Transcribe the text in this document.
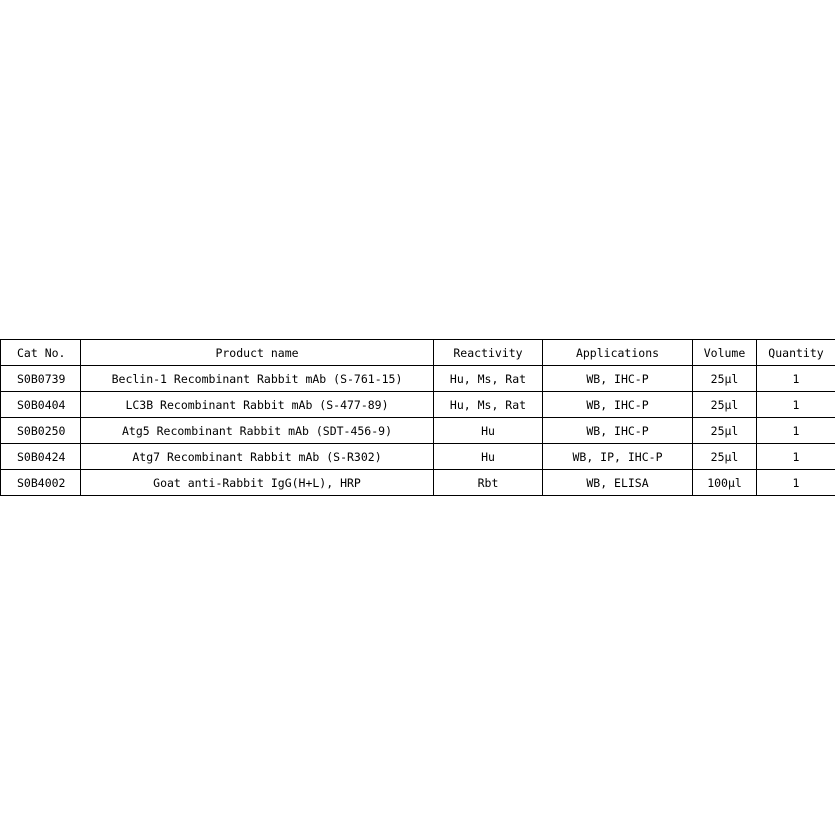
Cat No.	Product name	Reactivity	Applications	Volume	Quantity
S0B0739	Beclin-1 Recombinant Rabbit mAb (S-761-15)	Hu, Ms, Rat	WB, IHC-P	25μl	1
S0B0404	LC3B Recombinant Rabbit mAb (S-477-89)	Hu, Ms, Rat	WB, IHC-P	25μl	1
S0B0250	Atg5 Recombinant Rabbit mAb (SDT-456-9)	Hu	WB, IHC-P	25μl	1
S0B0424	Atg7 Recombinant Rabbit mAb (S-R302)	Hu	WB, IP, IHC-P	25μl	1
S0B4002	Goat anti-Rabbit IgG(H+L), HRP	Rbt	WB, ELISA	100μl	1
